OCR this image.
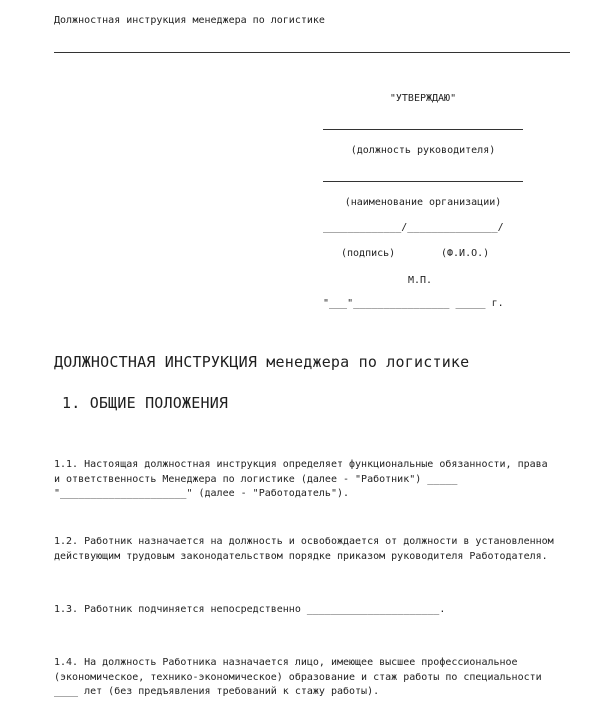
Должностная инструкция менеджера по логистике
"УТВЕРЖДАЮ"
(должность руководителя)
(наименование организации)
_____________/_______________/
(подпись)	(Ф.И.О.)
М.П.
"___"________________ _____ г.
ДОЛЖНОСТНАЯ ИНСТРУКЦИЯ менеджера по логистике
1. ОБЩИЕ ПОЛОЖЕНИЯ
1.1. Настоящая должностная инструкция определяет функциональные обязанности, права
и ответственность Менеджера по логистике (далее - "Работник") _____
"_____________________" (далее - "Работодатель").
1.2. Работник назначается на должность и освобождается от должности в установленном
действующим трудовым законодательством порядке приказом руководителя Работодателя.
1.3. Работник подчиняется непосредственно ______________________.
1.4. На должность Работника назначается лицо, имеющее высшее профессиональное
(экономическое, технико-экономическое) образование и стаж работы по специальности
____ лет (без предъявления требований к стажу работы).
